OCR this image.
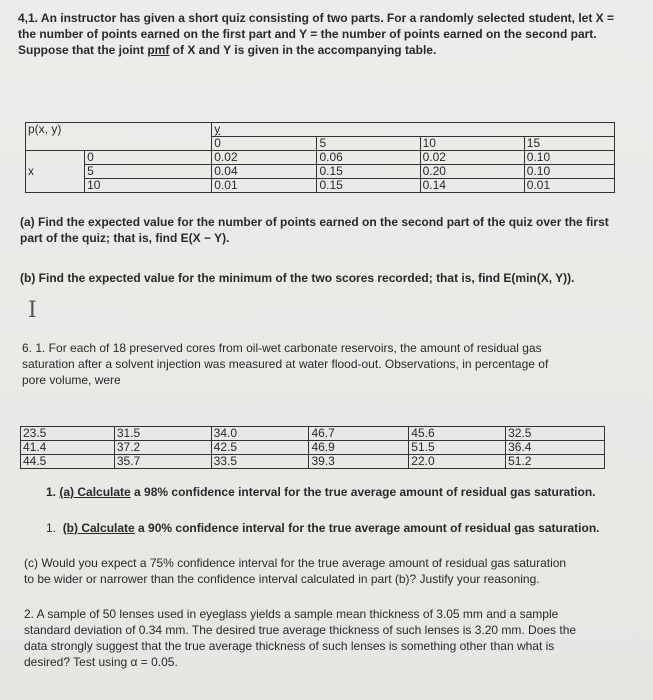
4,1. An instructor has given a short quiz consisting of two parts. For a randomly selected student, let X =
the number of points earned on the first part and Y = the number of points earned on the second part.
Suppose that the joint pmf of X and Y is given in the accompanying table.
p(x, y)		y			
		0	5	10	15
x	0	0.02	0.06	0.02	0.10
	5	0.04	0.15	0.20	0.10
	10	0.01	0.15	0.14	0.01
(a) Find the expected value for the number of points earned on the second part of the quiz over the first
part of the quiz; that is, find E(X − Y).
(b) Find the expected value for the minimum of the two scores recorded; that is, find E(min(X, Y)).
I
6. 1. For each of 18 preserved cores from oil-wet carbonate reservoirs, the amount of residual gas
saturation after a solvent injection was measured at water flood-out. Observations, in percentage of
pore volume, were
23.5	31.5	34.0	46.7	45.6	32.5
41.4	37.2	42.5	46.9	51.5	36.4
44.5	35.7	33.5	39.3	22.0	51.2
1. (a) Calculate a 98% confidence interval for the true average amount of residual gas saturation.
1. (b) Calculate a 90% confidence interval for the true average amount of residual gas saturation.
(c) Would you expect a 75% confidence interval for the true average amount of residual gas saturation
to be wider or narrower than the confidence interval calculated in part (b)? Justify your reasoning.
2. A sample of 50 lenses used in eyeglass yields a sample mean thickness of 3.05 mm and a sample
standard deviation of 0.34 mm. The desired true average thickness of such lenses is 3.20 mm. Does the
data strongly suggest that the true average thickness of such lenses is something other than what is
desired? Test using α = 0.05.
